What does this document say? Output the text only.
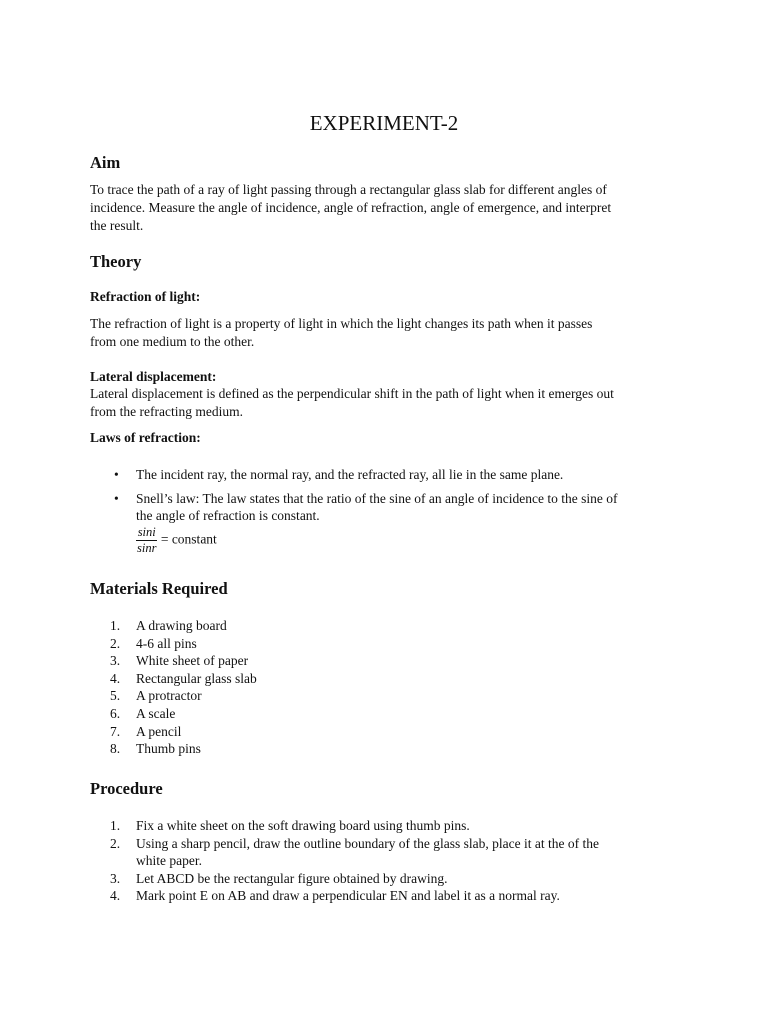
EXPERIMENT-2
Aim
To trace the path of a ray of light passing through a rectangular glass slab for different angles of
incidence. Measure the angle of incidence, angle of refraction, angle of emergence, and interpret
the result.
Theory
Refraction of light:
The refraction of light is a property of light in which the light changes its path when it passes
from one medium to the other.
Lateral displacement:
Lateral displacement is defined as the perpendicular shift in the path of light when it emerges out
from the refracting medium.
Laws of refraction:
•	The incident ray, the normal ray, and the refracted ray, all lie in the same plane.
•	Snell’s law: The law states that the ratio of the sine of an angle of incidence to the sine of
the angle of refraction is constant.
$\frac{\sin i}{\sin r}$ = constant
Materials Required
1.	A drawing board
2.	4-6 all pins
3.	White sheet of paper
4.	Rectangular glass slab
5.	A protractor
6.	A scale
7.	A pencil
8.	Thumb pins
Procedure
1.	Fix a white sheet on the soft drawing board using thumb pins.
2.	Using a sharp pencil, draw the outline boundary of the glass slab, place it at the of the
white paper.
3.	Let ABCD be the rectangular figure obtained by drawing.
4.	Mark point E on AB and draw a perpendicular EN and label it as a normal ray.
